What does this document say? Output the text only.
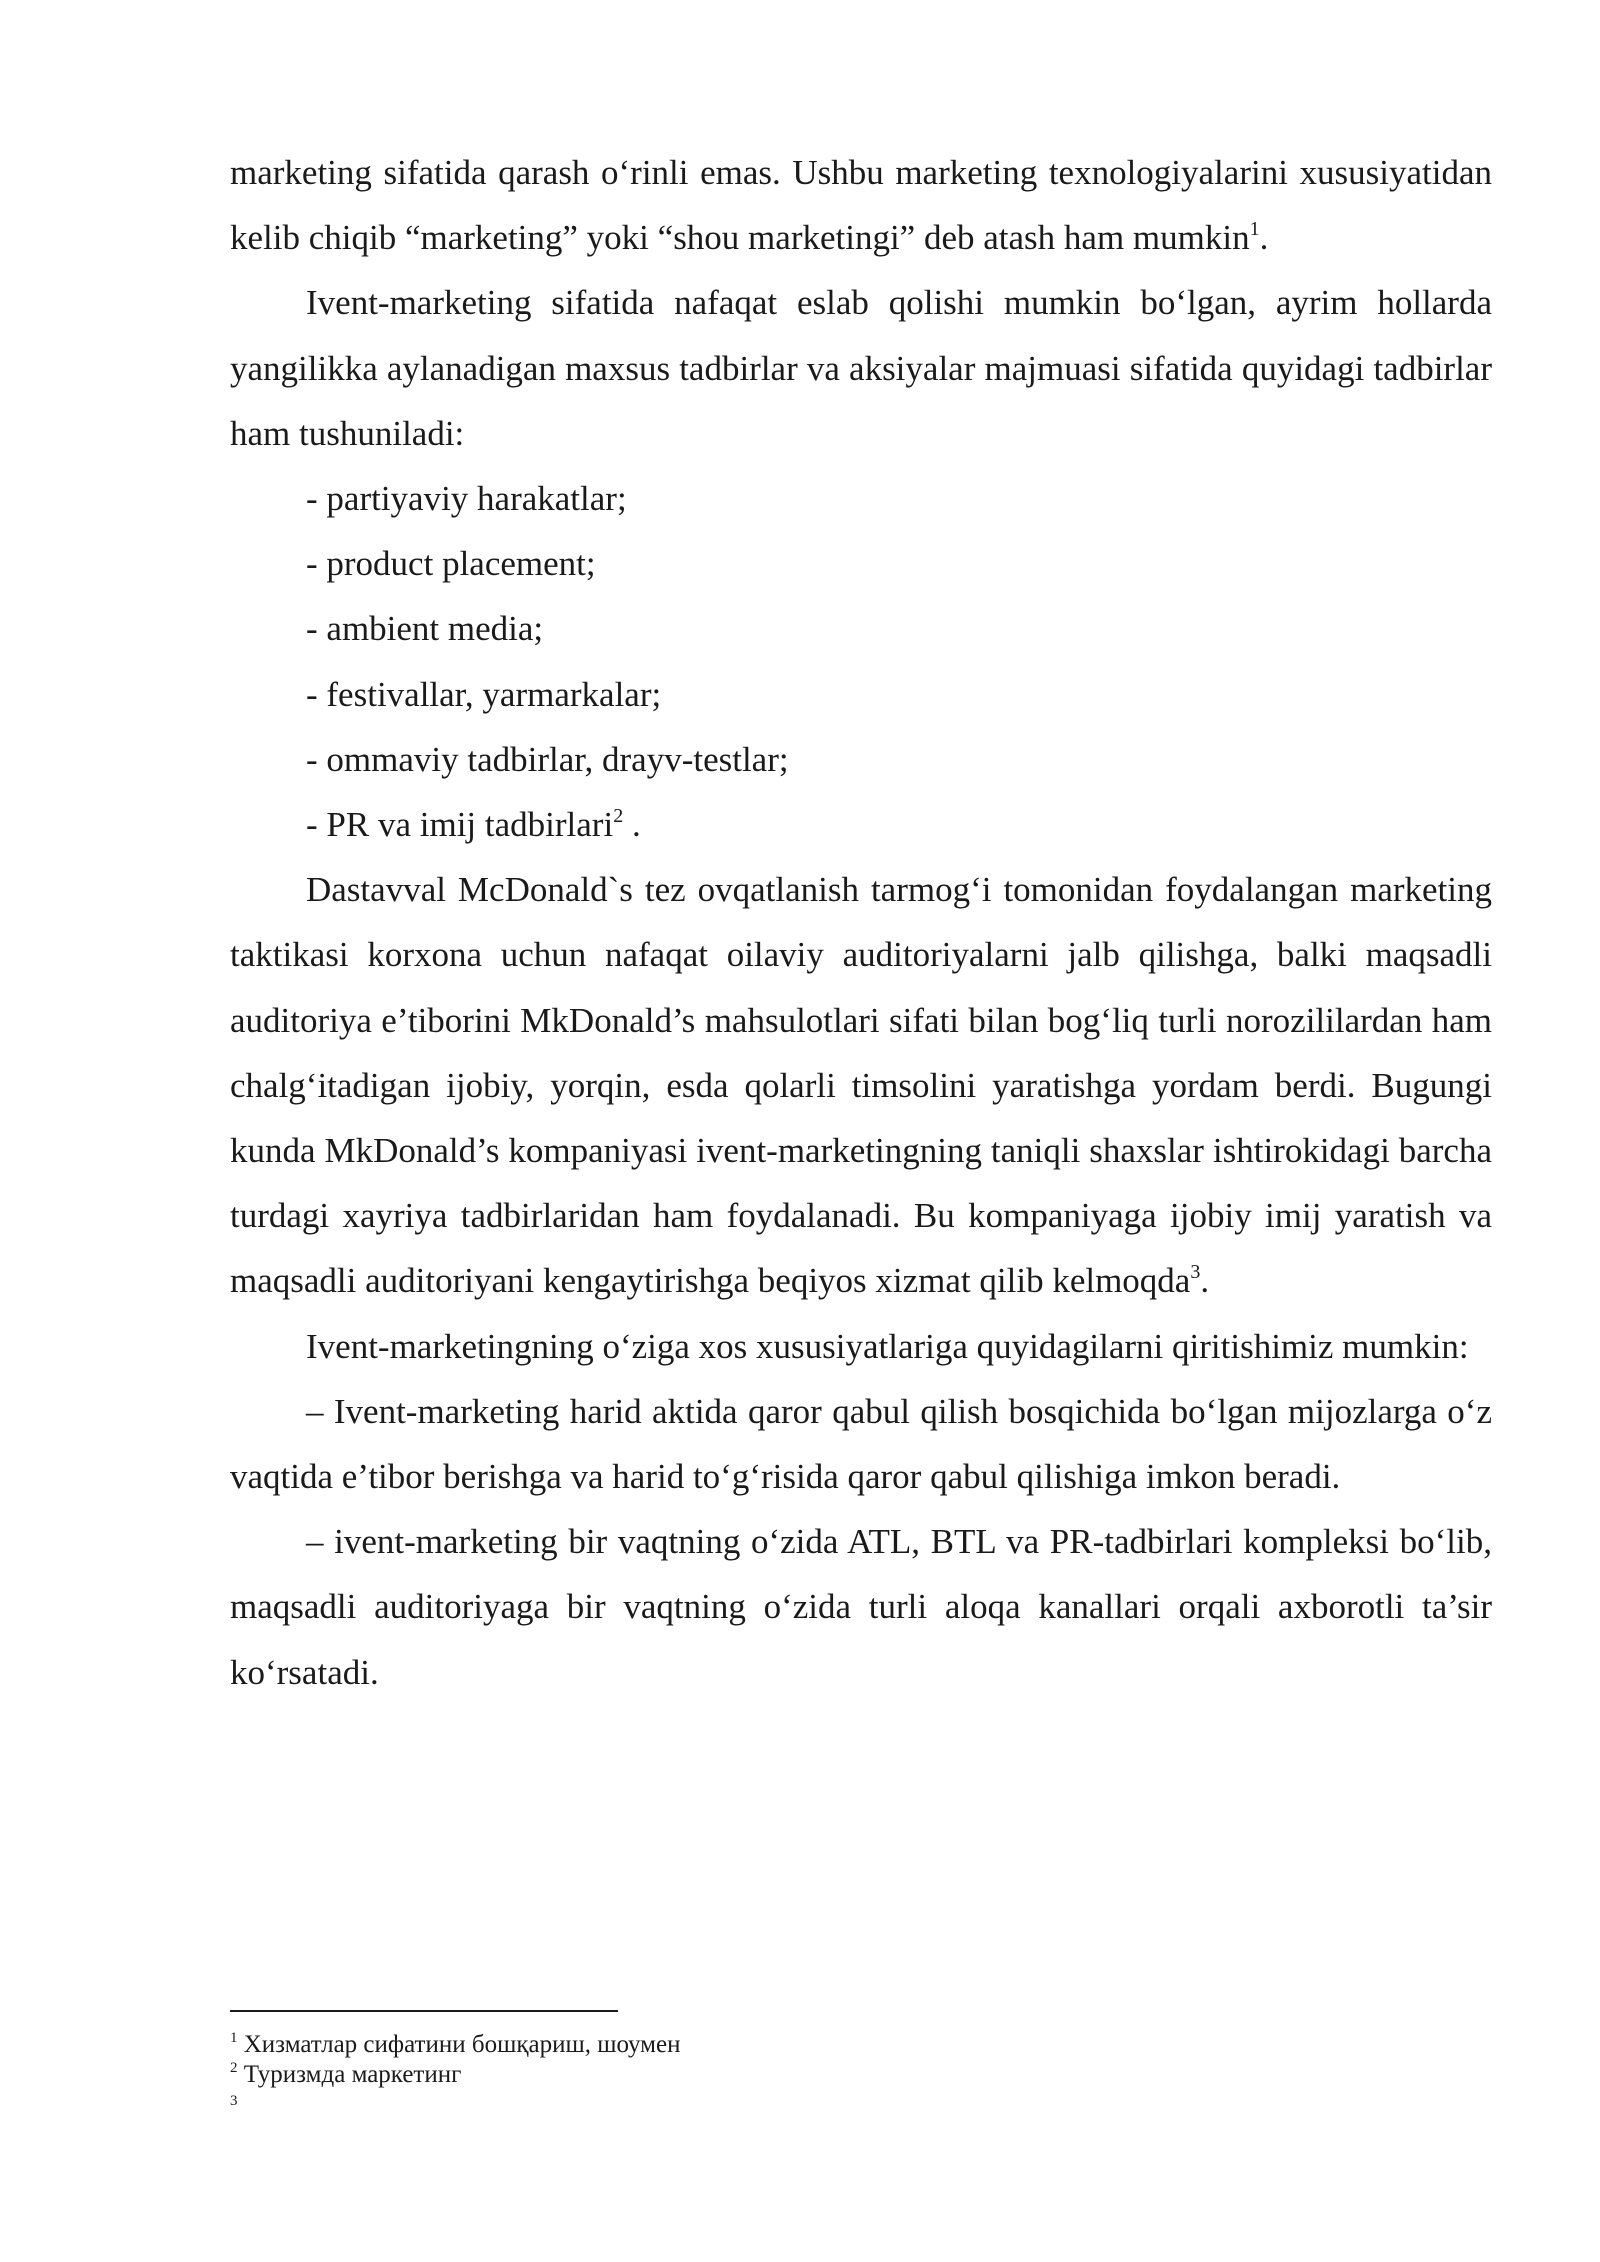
marketing sifatida qarash o‘rinli emas. Ushbu marketing texnologiyalarini xususiyatidan kelib chiqib “marketing” yoki “shou marketingi” deb atash ham mumkin$^1$.

Ivent-marketing sifatida nafaqat eslab qolishi mumkin bo‘lgan, ayrim hollarda yangilikka aylanadigan maxsus tadbirlar va aksiyalar majmuasi sifatida quyidagi tadbirlar ham tushuniladi:

- partiyaviy harakatlar;

- product placement;

- ambient media;

- festivallar, yarmarkalar;

- ommaviy tadbirlar, drayv-testlar;

- PR va imij tadbirlari$^2$ .

Dastavval McDonald`s tez ovqatlanish tarmog‘i tomonidan foydalangan marketing taktikasi korxona uchun nafaqat oilaviy auditoriyalarni jalb qilishga, balki maqsadli auditoriya e’tiborini MkDonald’s mahsulotlari sifati bilan bog‘liq turli norozililardan ham chalg‘itadigan ijobiy, yorqin, esda qolarli timsolini yaratishga yordam berdi. Bugungi kunda MkDonald’s kompaniyasi ivent-marketingning taniqli shaxslar ishtirokidagi barcha turdagi xayriya tadbirlaridan ham foydalanadi. Bu kompaniyaga ijobiy imij yaratish va maqsadli auditoriyani kengaytirishga beqiyos xizmat qilib kelmoqda$^3$.

Ivent-marketingning o‘ziga xos xususiyatlariga quyidagilarni qiritishimiz mumkin:

– Ivent-marketing harid aktida qaror qabul qilish bosqichida bo‘lgan mijozlarga o‘z vaqtida e’tibor berishga va harid to‘g‘risida qaror qabul qilishiga imkon beradi.

– ivent-marketing bir vaqtning o‘zida ATL, BTL va PR-tadbirlari kompleksi bo‘lib, maqsadli auditoriyaga bir vaqtning o‘zida turli aloqa kanallari orqali axborotli ta’sir ko‘rsatadi.

$^1$ Хизматлар сифатини бошқариш, шоумен

$^2$ Туризмда маркетинг

3
